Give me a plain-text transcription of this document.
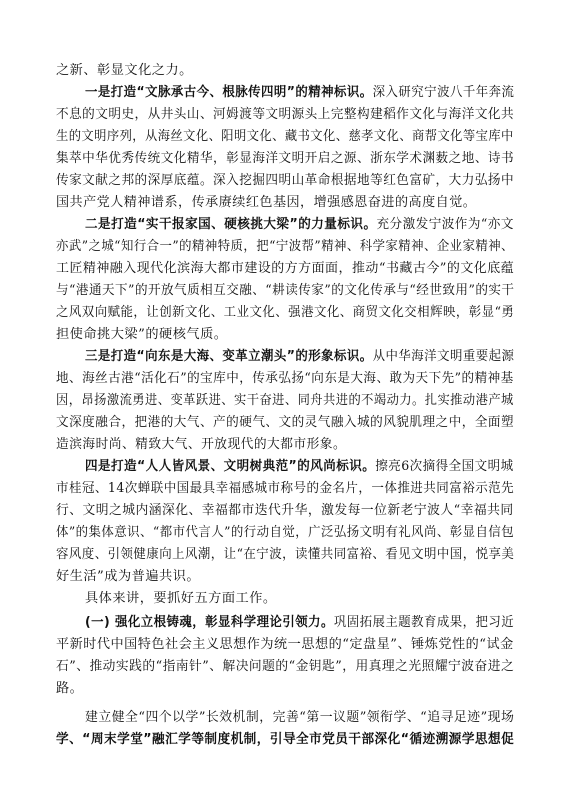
之新、彰显文化之力。
一是打造“文脉承古今、根脉传四明”的精神标识。深入研究宁波八千年奔流
不息的文明史，从井头山、河姆渡等文明源头上完整构建稻作文化与海洋文化共
生的文明序列，从海丝文化、阳明文化、藏书文化、慈孝文化、商帮文化等宝库中
集萃中华优秀传统文化精华，彰显海洋文明开启之源、浙东学术渊薮之地、诗书
传家文献之邦的深厚底蕴。深入挖掘四明山革命根据地等红色富矿，大力弘扬中
国共产党人精神谱系，传承赓续红色基因，增强感恩奋进的高度自觉。
二是打造“实干报家国、硬核挑大梁”的力量标识。充分激发宁波作为“亦文
亦武”之城“知行合一”的精神特质，把“宁波帮”精神、科学家精神、企业家精神、
工匠精神融入现代化滨海大都市建设的方方面面，推动“书藏古今”的文化底蕴
与“港通天下”的开放气质相互交融、“耕读传家”的文化传承与“经世致用”的实干
之风双向赋能，让创新文化、工业文化、强港文化、商贸文化交相辉映，彰显“勇
担使命挑大梁”的硬核气质。
三是打造“向东是大海、变革立潮头”的形象标识。从中华海洋文明重要起源
地、海丝古港“活化石”的宝库中，传承弘扬“向东是大海、敢为天下先”的精神基
因，昂扬激流勇进、变革跃进、实干奋进、同舟共进的不竭动力。扎实推动港产城
文深度融合，把港的大气、产的硬气、文的灵气融入城的风貌肌理之中，全面塑
造滨海时尚、精致大气、开放现代的大都市形象。
四是打造“人人皆风景、文明树典范”的风尚标识。擦亮6次摘得全国文明城
市桂冠、14次蝉联中国最具幸福感城市称号的金名片，一体推进共同富裕示范先
行、文明之城内涵深化、幸福都市迭代升华，激发每一位新老宁波人“幸福共同
体”的集体意识、“都市代言人”的行动自觉，广泛弘扬文明有礼风尚、彰显自信包
容风度、引领健康向上风潮，让“在宁波，读懂共同富裕、看见文明中国，悦享美
好生活”成为普遍共识。
具体来讲，要抓好五方面工作。
(一) 强化立根铸魂，彰显科学理论引领力。巩固拓展主题教育成果，把习近
平新时代中国特色社会主义思想作为统一思想的“定盘星”、锤炼党性的“试金
石”、推动实践的“指南针”、解决问题的“金钥匙”，用真理之光照耀宁波奋进之
路。
建立健全“四个以学”长效机制，完善“第一议题”领衔学、“追寻足迹”现场
学、“周末学堂”融汇学等制度机制，引导全市党员干部深化“循迹溯源学思想促
